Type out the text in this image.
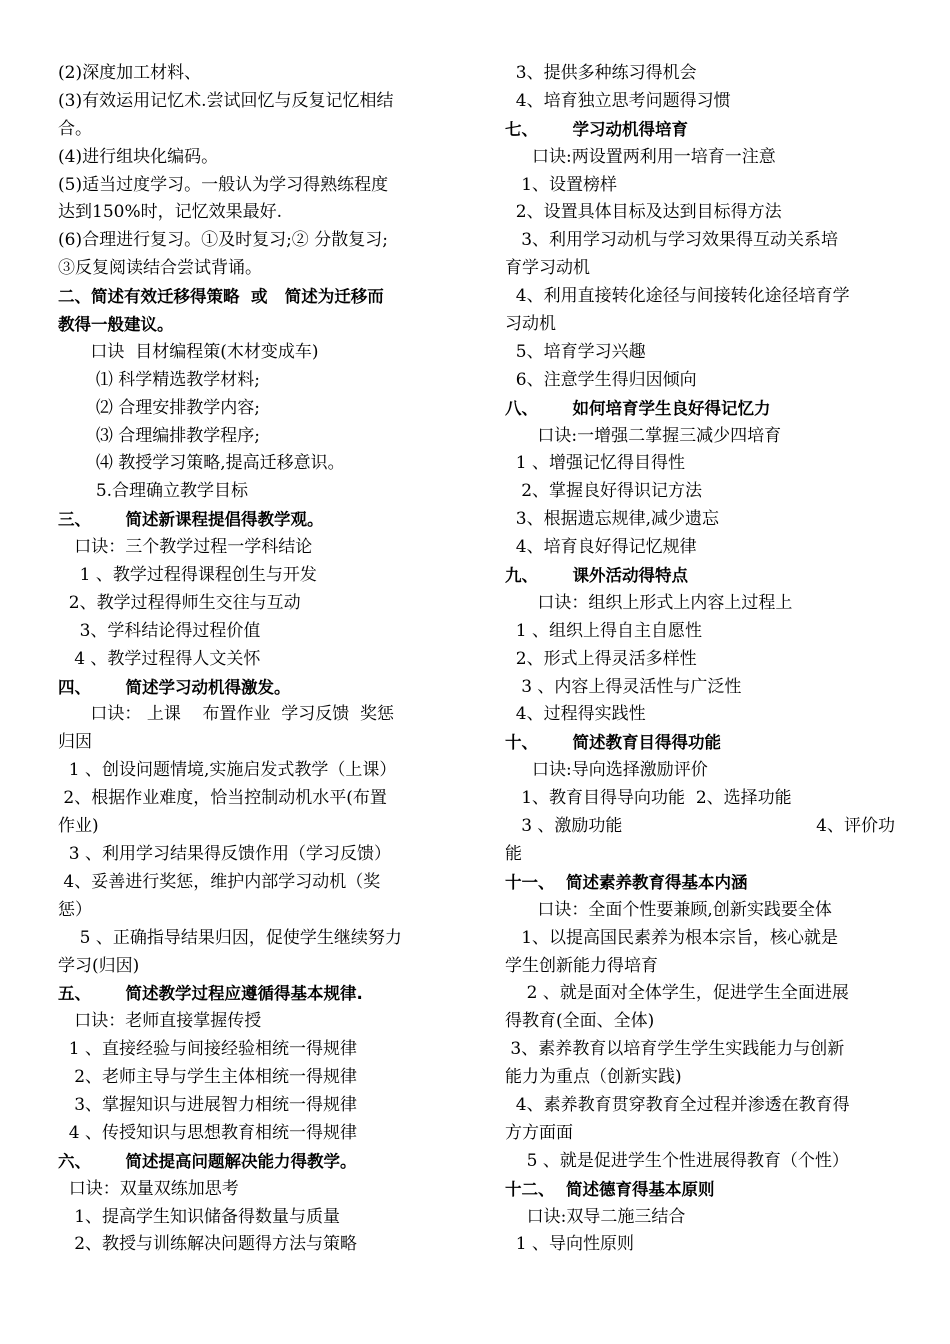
(2)深度加工材料、
(3)有效运用记忆术.尝试回忆与反复记忆相结
合。
(4)进行组块化编码。
(5)适当过度学习。一般认为学习得熟练程度
达到150%时，记忆效果最好.
(6)合理进行复习。①及时复习;② 分散复习;
③反复阅读结合尝试背诵。
二、简述有效迁移得策略  或   简述为迁移而
教得一般建议。
口诀  目材编程策(木材变成车)
⑴ 科学精选教学材料;
⑵ 合理安排教学内容;
⑶ 合理编排教学程序;
⑷ 教授学习策略,提高迁移意识。
5.合理确立教学目标
三、      简述新课程提倡得教学观。
口诀：三个教学过程一学科结论
1 、教学过程得课程创生与开发
2、教学过程得师生交往与互动
3、学科结论得过程价值
4 、教学过程得人文关怀
四、      简述学习动机得激发。
口诀： 上课    布置作业  学习反馈  奖惩
归因
1 、创设问题情境,实施启发式教学（上课）
2、根据作业难度，恰当控制动机水平(布置
作业)
3 、利用学习结果得反馈作用（学习反馈）
4、妥善进行奖惩，维护内部学习动机（奖
惩）
5 、正确指导结果归因，促使学生继续努力
学习(归因)
五、      简述教学过程应遵循得基本规律.
口诀：老师直接掌握传授
1 、直接经验与间接经验相统一得规律
2、老师主导与学生主体相统一得规律
3、掌握知识与进展智力相统一得规律
4 、传授知识与思想教育相统一得规律
六、      简述提高问题解决能力得教学。
口诀：双量双练加思考
1、提高学生知识储备得数量与质量
2、教授与训练解决问题得方法与策略
3、提供多种练习得机会
4、培育独立思考问题得习惯
七、      学习动机得培育
口诀:两设置两利用一培育一注意
1、设置榜样
2、设置具体目标及达到目标得方法
3、利用学习动机与学习效果得互动关系培
育学习动机
4、利用直接转化途径与间接转化途径培育学
习动机
5、培育学习兴趣
6、注意学生得归因倾向
八、      如何培育学生良好得记忆力
口诀:一增强二掌握三减少四培育
1 、增强记忆得目得性
2、掌握良好得识记方法
3、根据遗忘规律,减少遗忘
4、培育良好得记忆规律
九、      课外活动得特点
口诀：组织上形式上内容上过程上
1 、组织上得自主自愿性
2、形式上得灵活多样性
3 、内容上得灵活性与广泛性
4、过程得实践性
十、      简述教育目得得功能
口诀:导向选择激励评价
1、教育目得导向功能  2、选择功能
3 、激励功能	4、评价功
能
十一、  简述素养教育得基本内涵
口诀：全面个性要兼顾,创新实践要全体
1、以提高国民素养为根本宗旨，核心就是
学生创新能力得培育
2 、就是面对全体学生，促进学生全面进展
得教育(全面、全体)
3、素养教育以培育学生学生实践能力与创新
能力为重点（创新实践)
4、素养教育贯穿教育全过程并渗透在教育得
方方面面
5 、就是促进学生个性进展得教育（个性）
十二、  简述德育得基本原则
口诀:双导二施三结合
1 、导向性原则
